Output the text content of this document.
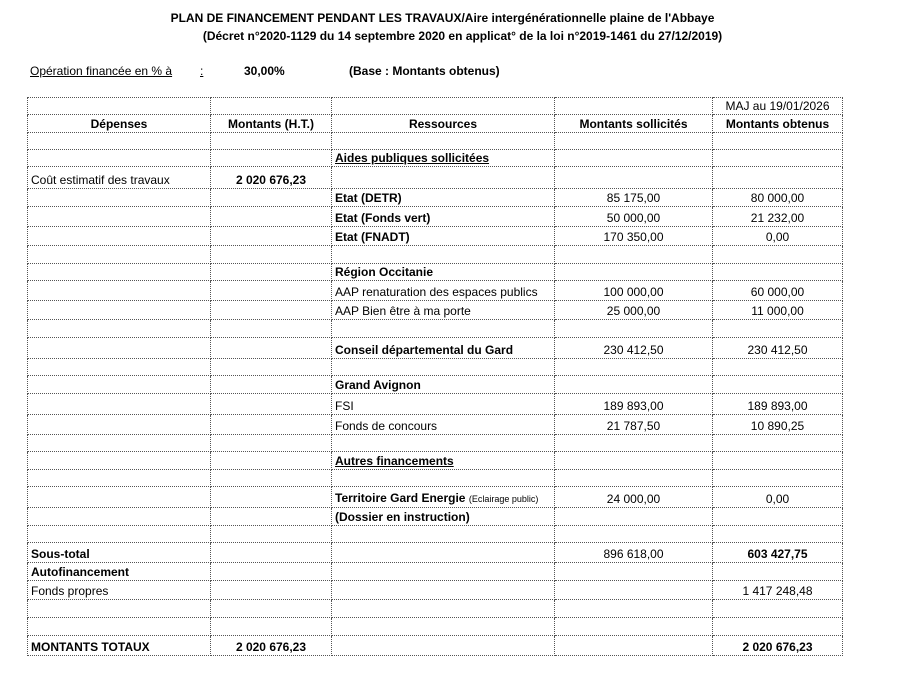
PLAN DE FINANCEMENT PENDANT LES TRAVAUX/Aire intergénérationnelle plaine de l'Abbaye
(Décret n°2020-1129 du 14 septembre 2020 en applicat° de la loi n°2019-1461 du 27/12/2019)
Opération financée en % à :	30,00%	(Base : Montants obtenus)
				MAJ au 19/01/2026
Dépenses	Montants (H.T.)	Ressources	Montants sollicités	Montants obtenus

		Aides publiques sollicitées		
Coût estimatif des travaux	2 020 676,23			
		Etat (DETR)	85 175,00	80 000,00
		Etat (Fonds vert)	50 000,00	21 232,00
		Etat (FNADT)	170 350,00	0,00

		Région Occitanie		
		AAP renaturation des espaces publics	100 000,00	60 000,00
		AAP Bien être à ma porte	25 000,00	11 000,00

		Conseil départemental du Gard	230 412,50	230 412,50

		Grand Avignon		
		FSI	189 893,00	189 893,00
		Fonds de concours	21 787,50	10 890,25

		Autres financements		

		Territoire Gard Energie (Eclairage public)	24 000,00	0,00
		(Dossier en instruction)		

Sous-total			896 618,00	603 427,75
Autofinancement				
Fonds propres				1 417 248,48

MONTANTS TOTAUX	2 020 676,23			2 020 676,23
